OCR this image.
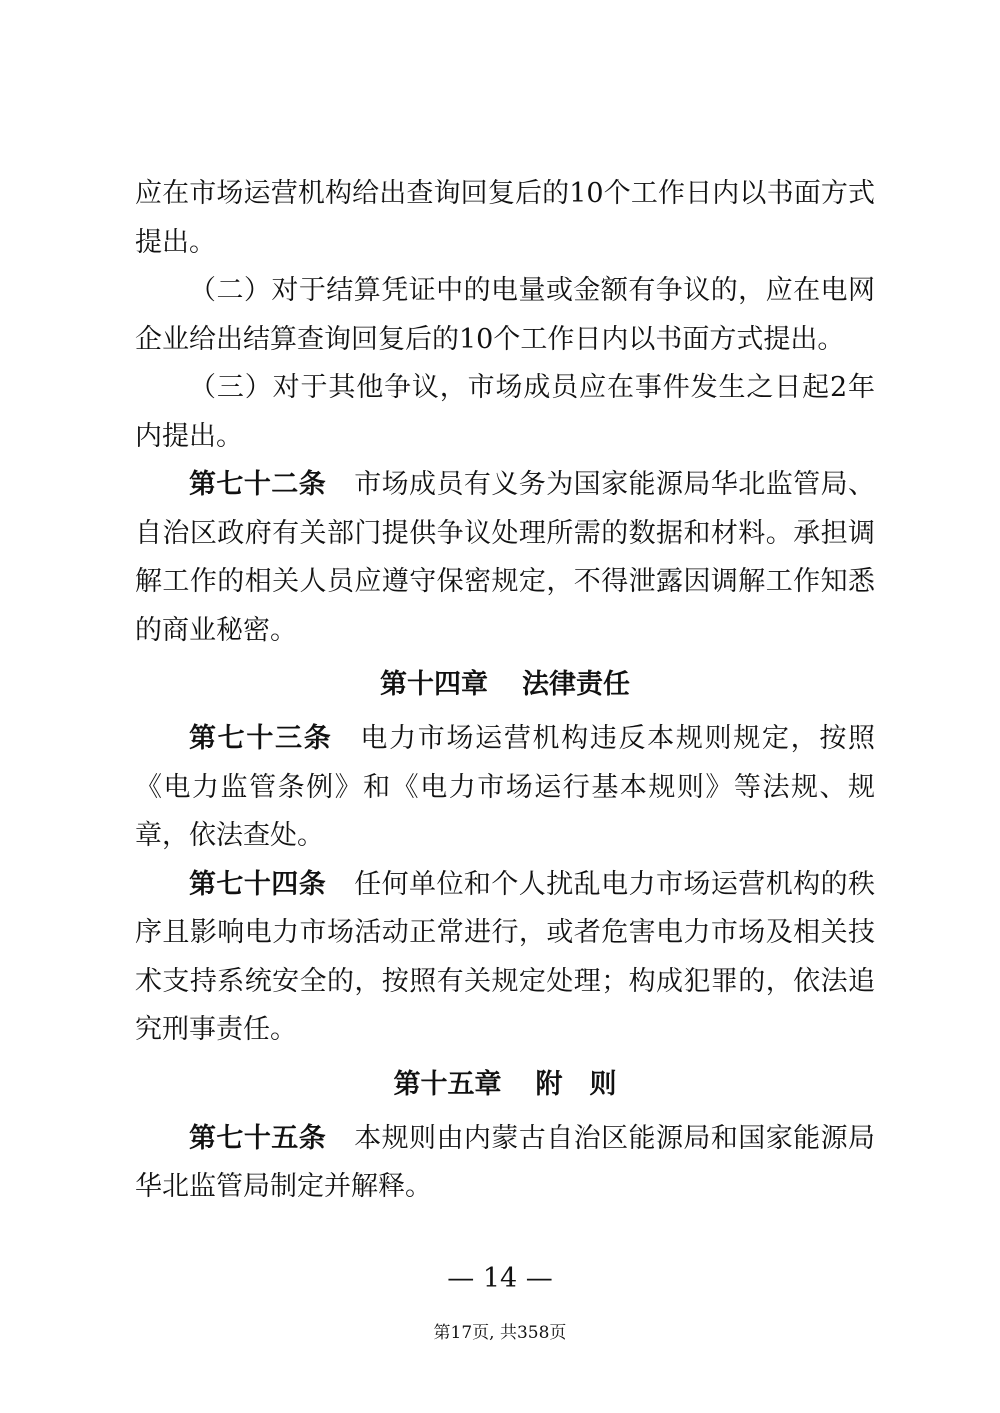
应在市场运营机构给出查询回复后的10个工作日内以书面方式提出。

（二）对于结算凭证中的电量或金额有争议的，应在电网企业给出结算查询回复后的10个工作日内以书面方式提出。

（三）对于其他争议，市场成员应在事件发生之日起2年内提出。

第七十二条 市场成员有义务为国家能源局华北监管局、自治区政府有关部门提供争议处理所需的数据和材料。承担调解工作的相关人员应遵守保密规定，不得泄露因调解工作知悉的商业秘密。

第十四章 法律责任

第七十三条 电力市场运营机构违反本规则规定，按照《电力监管条例》和《电力市场运行基本规则》等法规、规章，依法查处。

第七十四条 任何单位和个人扰乱电力市场运营机构的秩序且影响电力市场活动正常进行，或者危害电力市场及相关技术支持系统安全的，按照有关规定处理；构成犯罪的，依法追究刑事责任。

第十五章 附　则

第七十五条 本规则由内蒙古自治区能源局和国家能源局华北监管局制定并解释。

— 14 —
第17页, 共358页
